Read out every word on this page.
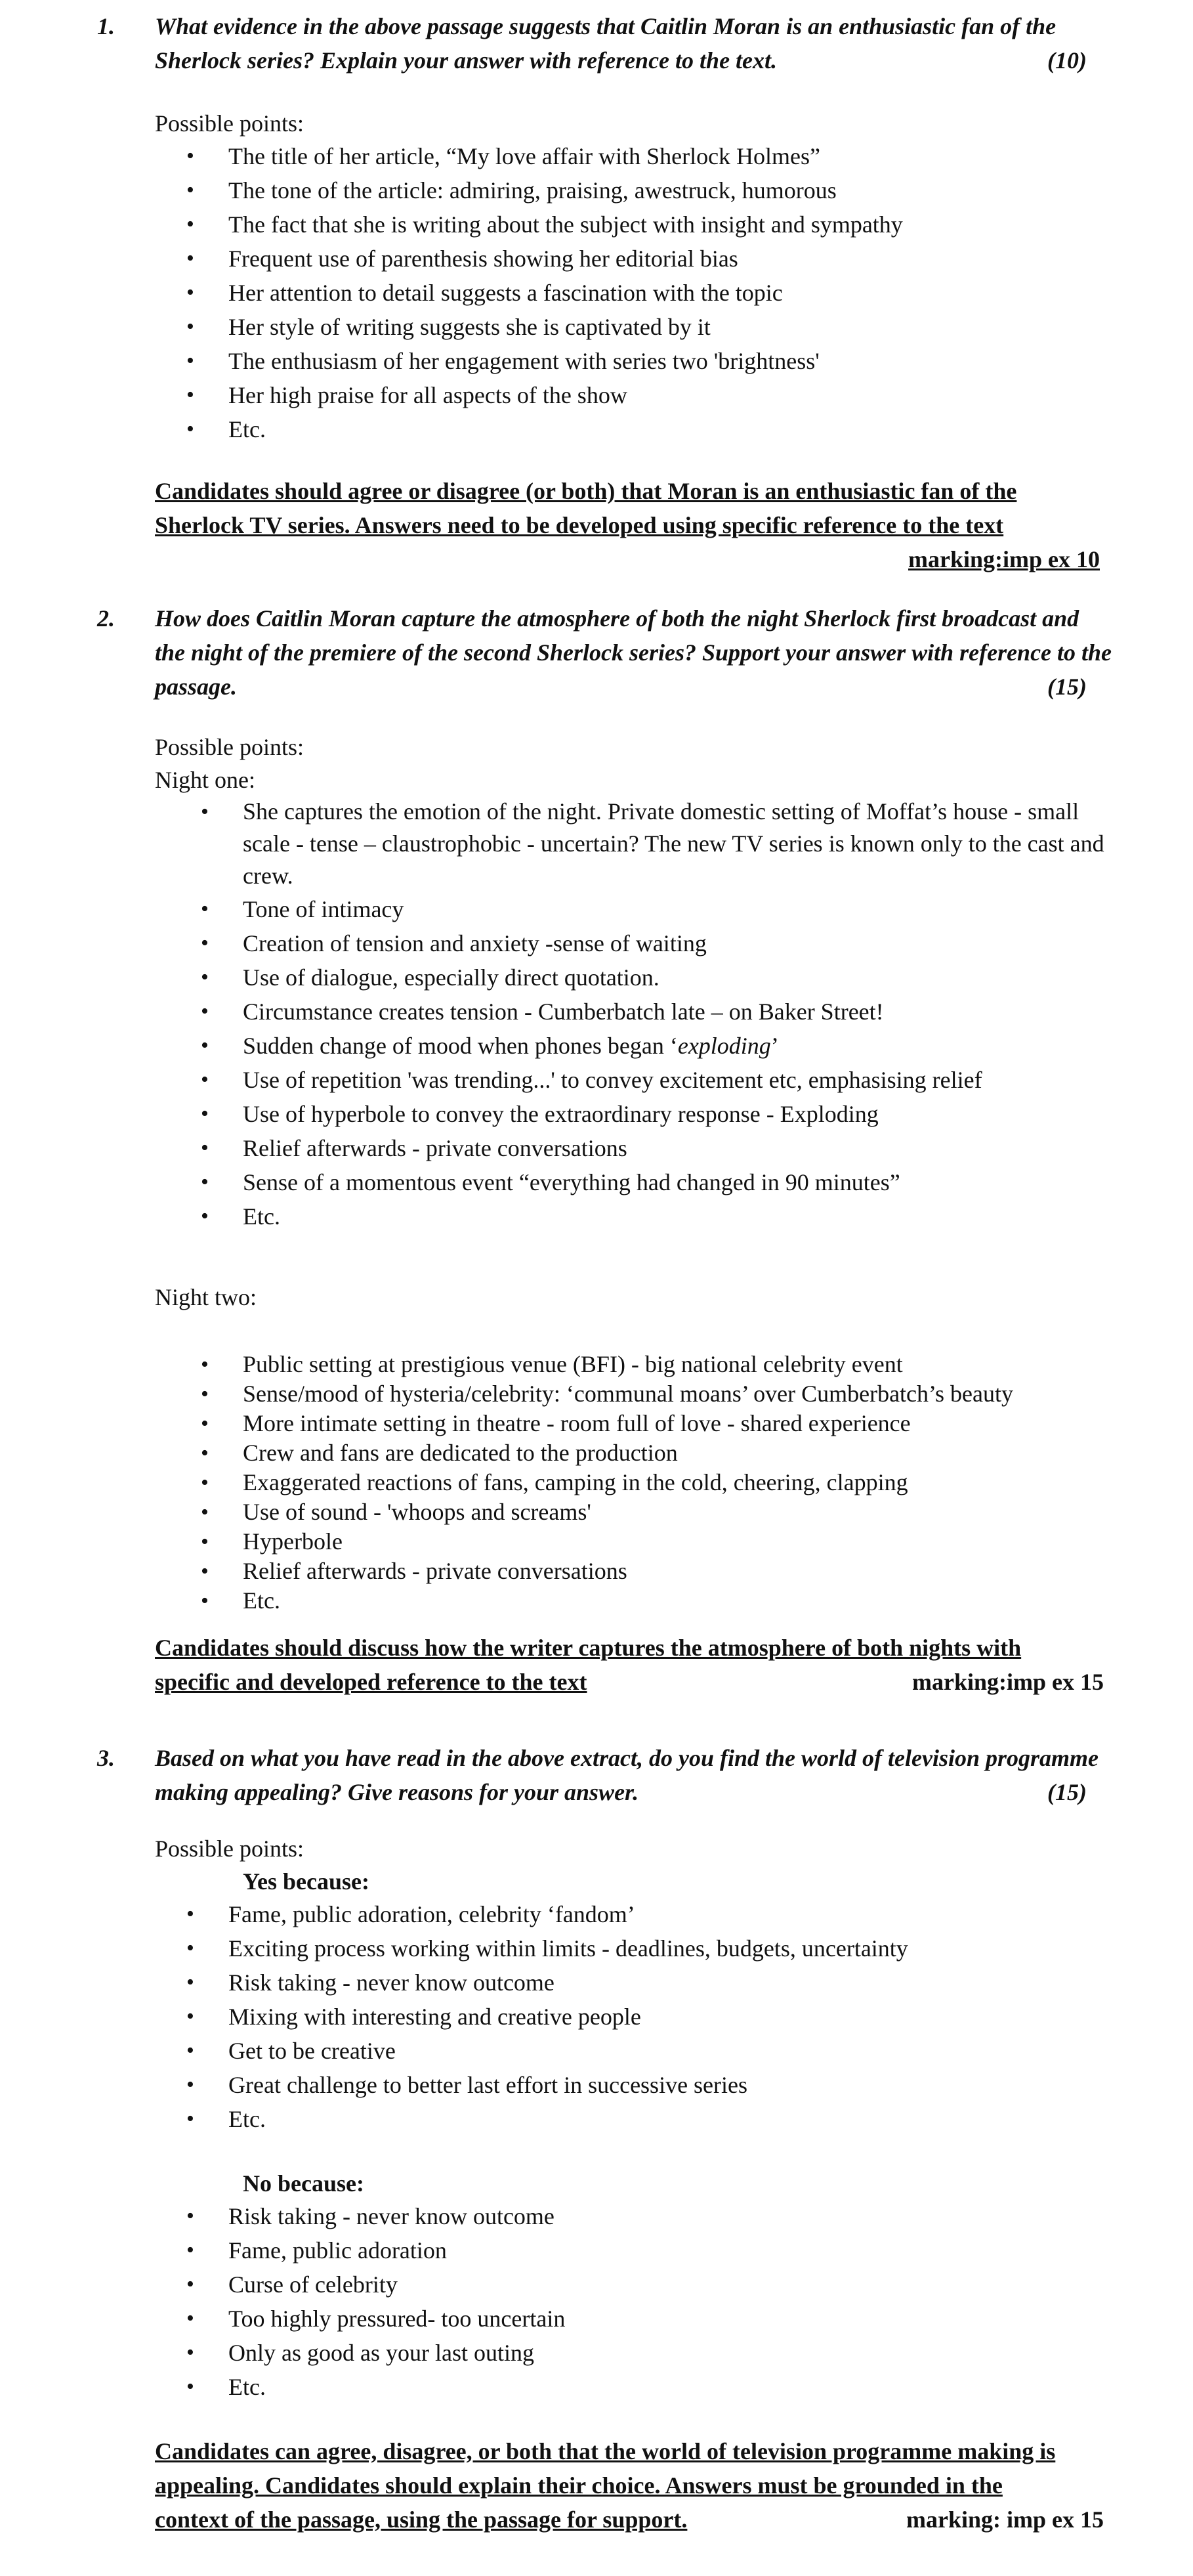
1. What evidence in the above passage suggests that Caitlin Moran is an enthusiastic fan of the Sherlock series? Explain your answer with reference to the text.	(10)
Possible points:
• The title of her article, “My love affair with Sherlock Holmes”
• The tone of the article: admiring, praising, awestruck, humorous
• The fact that she is writing about the subject with insight and sympathy
• Frequent use of parenthesis showing her editorial bias
• Her attention to detail suggests a fascination with the topic
• Her style of writing suggests she is captivated by it
• The enthusiasm of her engagement with series two 'brightness'
• Her high praise for all aspects of the show
• Etc.
Candidates should agree or disagree (or both) that Moran is an enthusiastic fan of the
Sherlock TV series. Answers need to be developed using specific reference to the text
marking:imp ex 10
2. How does Caitlin Moran capture the atmosphere of both the night Sherlock first broadcast and the night of the premiere of the second Sherlock series? Support your answer with reference to the passage.	(15)
Possible points:
Night one:
• She captures the emotion of the night. Private domestic setting of Moffat’s house - small scale - tense – claustrophobic - uncertain? The new TV series is known only to the cast and crew.
• Tone of intimacy
• Creation of tension and anxiety -sense of waiting
• Use of dialogue, especially direct quotation.
• Circumstance creates tension - Cumberbatch late – on Baker Street!
• Sudden change of mood when phones began ‘exploding’
• Use of repetition 'was trending...' to convey excitement etc, emphasising relief
• Use of hyperbole to convey the extraordinary response - Exploding
• Relief afterwards - private conversations
• Sense of a momentous event “everything had changed in 90 minutes”
• Etc.
Night two:
• Public setting at prestigious venue (BFI) - big national celebrity event
• Sense/mood of hysteria/celebrity: ‘communal moans’ over Cumberbatch’s beauty
• More intimate setting in theatre - room full of love - shared experience
• Crew and fans are dedicated to the production
• Exaggerated reactions of fans, camping in the cold, cheering, clapping
• Use of sound - 'whoops and screams'
• Hyperbole
• Relief afterwards - private conversations
• Etc.
Candidates should discuss how the writer captures the atmosphere of both nights with
specific and developed reference to the text	marking:imp ex 15
3. Based on what you have read in the above extract, do you find the world of television programme making appealing? Give reasons for your answer.	(15)
Possible points:
Yes because:
• Fame, public adoration, celebrity ‘fandom’
• Exciting process working within limits - deadlines, budgets, uncertainty
• Risk taking - never know outcome
• Mixing with interesting and creative people
• Get to be creative
• Great challenge to better last effort in successive series
• Etc.
No because:
• Risk taking - never know outcome
• Fame, public adoration
• Curse of celebrity
• Too highly pressured- too uncertain
• Only as good as your last outing
• Etc.
Candidates can agree, disagree, or both that the world of television programme making is
appealing. Candidates should explain their choice. Answers must be grounded in the
context of the passage, using the passage for support.	marking: imp ex 15
